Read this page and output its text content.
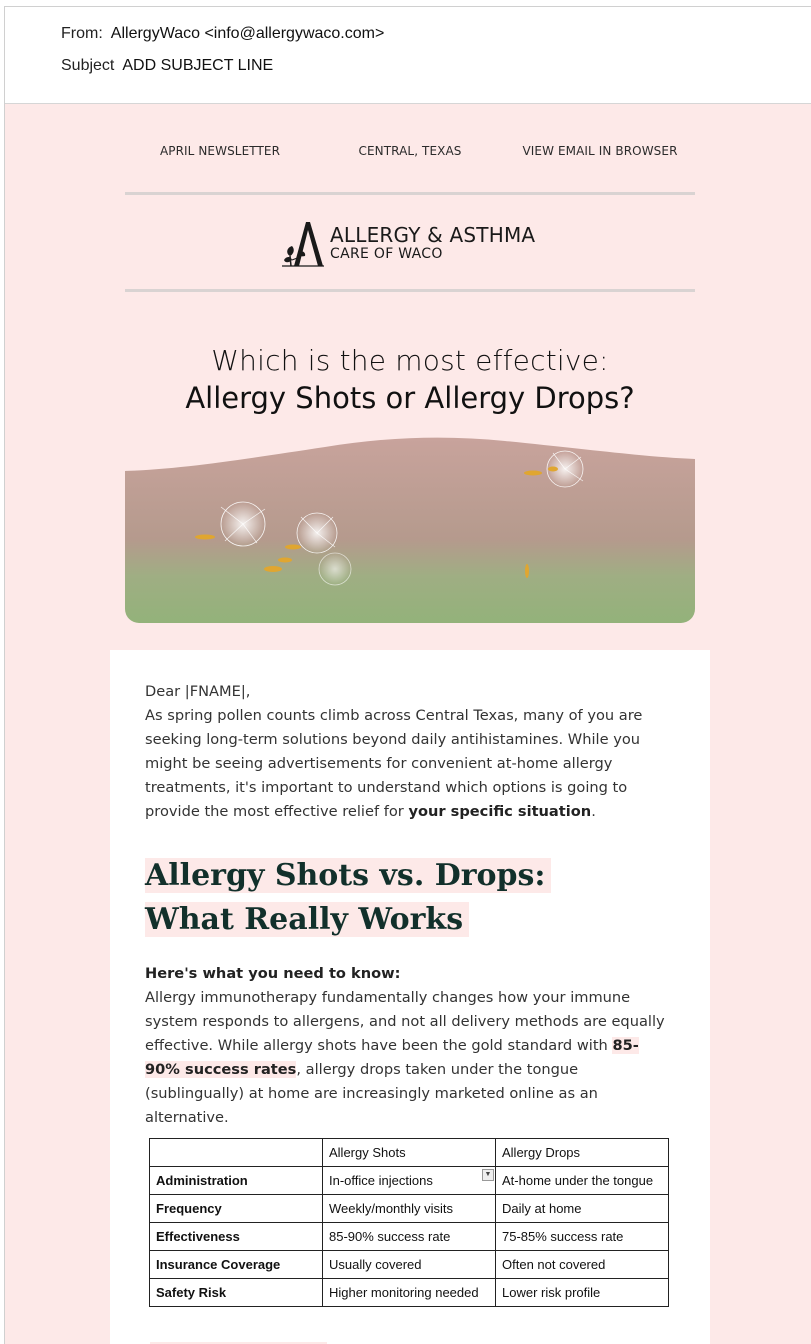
From: AllergyWaco <info@allergywaco.com>
Subject ADD SUBJECT LINE
APRIL NEWSLETTER	CENTRAL, TEXAS	VIEW EMAIL IN BROWSER
ALLERGY & ASTHMA
CARE OF WACO
Which is the most effective:
Allergy Shots or Allergy Drops?
Dear |FNAME|,

As spring pollen counts climb across Central Texas, many of you are seeking long-term solutions beyond daily antihistamines. While you might be seeing advertisements for convenient at-home allergy treatments, it's important to understand which options is going to provide the most effective relief for your specific situation.

Allergy Shots vs. Drops:
What Really Works
Here's what you need to know:

Allergy immunotherapy fundamentally changes how your immune system responds to allergens, and not all delivery methods are equally effective. While allergy shots have been the gold standard with 85-90% success rates, allergy drops taken under the tongue (sublingually) at home are increasingly marketed online as an alternative.

	Allergy Shots	Allergy Drops
Administration	In-office injections ▼	At-home under the tongue
Frequency	Weekly/monthly visits	Daily at home
Effectiveness	85-90% success rate	75-85% success rate
Insurance Coverage	Usually covered	Often not covered
Safety Risk	Higher monitoring needed	Lower risk profile
